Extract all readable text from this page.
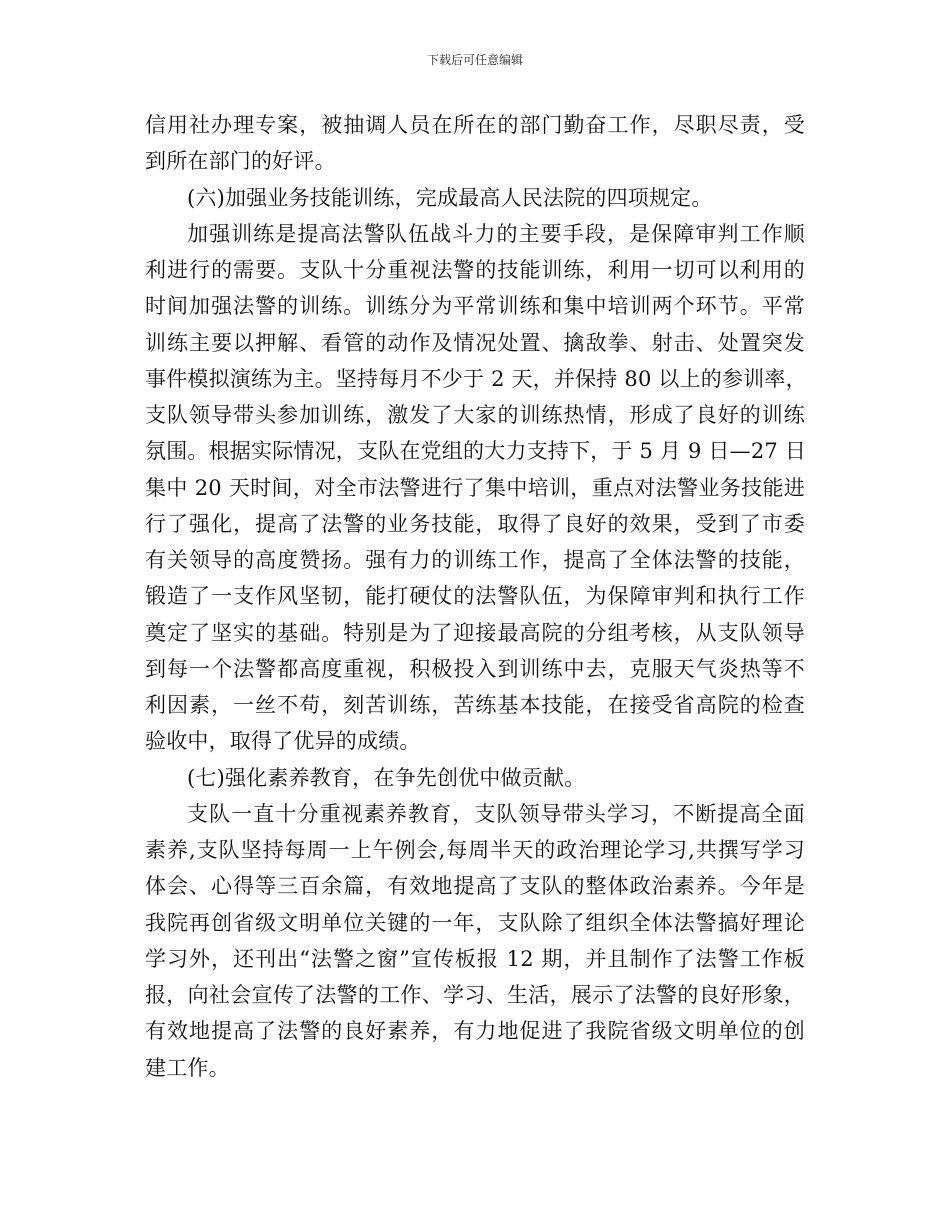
下载后可任意编辑
信用社办理专案，被抽调人员在所在的部门勤奋工作，尽职尽责，受
到所在部门的好评。
(六)加强业务技能训练，完成最高人民法院的四项规定。
加强训练是提高法警队伍战斗力的主要手段，是保障审判工作顺
利进行的需要。支队十分重视法警的技能训练，利用一切可以利用的
时间加强法警的训练。训练分为平常训练和集中培训两个环节。平常
训练主要以押解、看管的动作及情况处置、擒敌拳、射击、处置突发
事件模拟演练为主。坚持每月不少于 2 天，并保持 80 以上的参训率，
支队领导带头参加训练，激发了大家的训练热情，形成了良好的训练
氛围。根据实际情况，支队在党组的大力支持下，于 5 月 9 日—27 日
集中 20 天时间，对全市法警进行了集中培训，重点对法警业务技能进
行了强化，提高了法警的业务技能，取得了良好的效果，受到了市委
有关领导的高度赞扬。强有力的训练工作，提高了全体法警的技能，
锻造了一支作风坚韧，能打硬仗的法警队伍，为保障审判和执行工作
奠定了坚实的基础。特别是为了迎接最高院的分组考核，从支队领导
到每一个法警都高度重视，积极投入到训练中去，克服天气炎热等不
利因素，一丝不苟，刻苦训练，苦练基本技能，在接受省高院的检查
验收中，取得了优异的成绩。
(七)强化素养教育，在争先创优中做贡献。
支队一直十分重视素养教育，支队领导带头学习，不断提高全面
素养,支队坚持每周一上午例会,每周半天的政治理论学习,共撰写学习
体会、心得等三百余篇，有效地提高了支队的整体政治素养。今年是
我院再创省级文明单位关键的一年，支队除了组织全体法警搞好理论
学习外，还刊出“法警之窗”宣传板报 12 期，并且制作了法警工作板
报，向社会宣传了法警的工作、学习、生活，展示了法警的良好形象，
有效地提高了法警的良好素养，有力地促进了我院省级文明单位的创
建工作。
